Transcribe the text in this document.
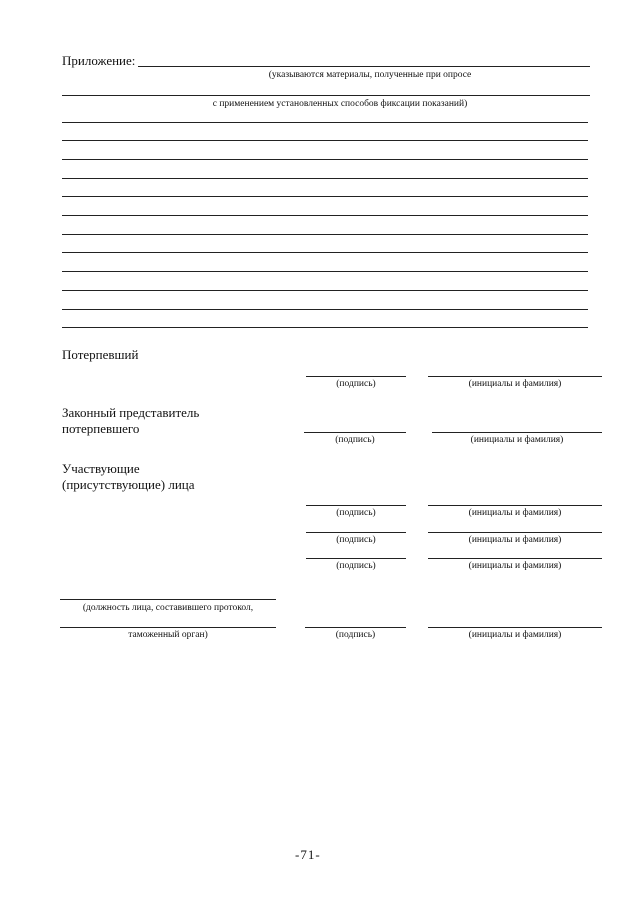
Приложение:
(указываются материалы, полученные при опросе
с применением установленных способов фиксации показаний)
Потерпевший
(подпись)	(инициалы и фамилия)
Законный представитель
потерпевшего
(подпись)	(инициалы и фамилия)
Участвующие
(присутствующие) лица
(подпись)	(инициалы и фамилия)
(подпись)	(инициалы и фамилия)
(подпись)	(инициалы и фамилия)
(должность лица, составившего протокол,
таможенный орган)	(подпись)	(инициалы и фамилия)
-71-
